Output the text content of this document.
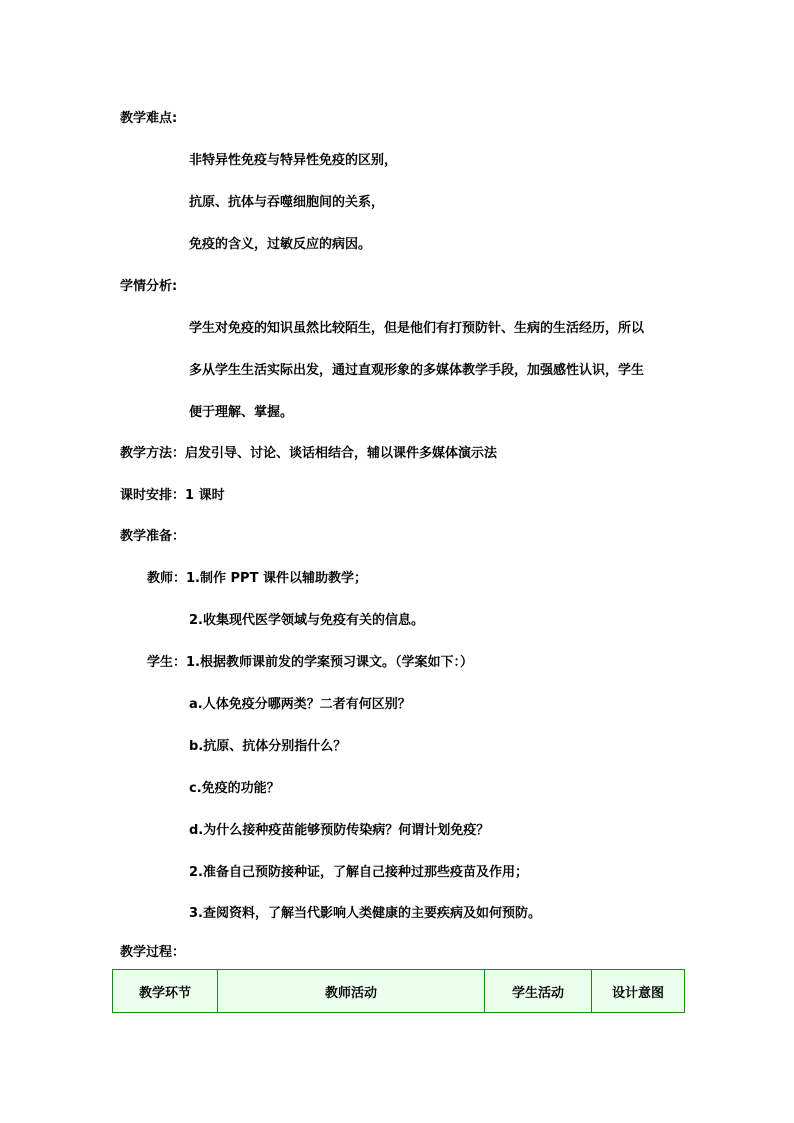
教学难点:
非特异性免疫与特异性免疫的区别，
抗原、抗体与吞噬细胞间的关系，
免疫的含义，过敏反应的病因。
学情分析:
学生对免疫的知识虽然比较陌生，但是他们有打预防针、生病的生活经历，所以
多从学生生活实际出发，通过直观形象的多媒体教学手段，加强感性认识，学生
便于理解、掌握。
教学方法：启发引导、讨论、谈话相结合，辅以课件多媒体演示法
课时安排：1 课时
教学准备：
教师：1.制作 PPT 课件以辅助教学；
2.收集现代医学领域与免疫有关的信息。
学生：1.根据教师课前发的学案预习课文。（学案如下：）
a.人体免疫分哪两类？二者有何区别？
b.抗原、抗体分别指什么？
c.免疫的功能？
d.为什么接种疫苗能够预防传染病？何谓计划免疫？
2.准备自己预防接种证，了解自己接种过那些疫苗及作用；
3.查阅资料，了解当代影响人类健康的主要疾病及如何预防。
教学过程：
教学环节	教师活动	学生活动	设计意图
